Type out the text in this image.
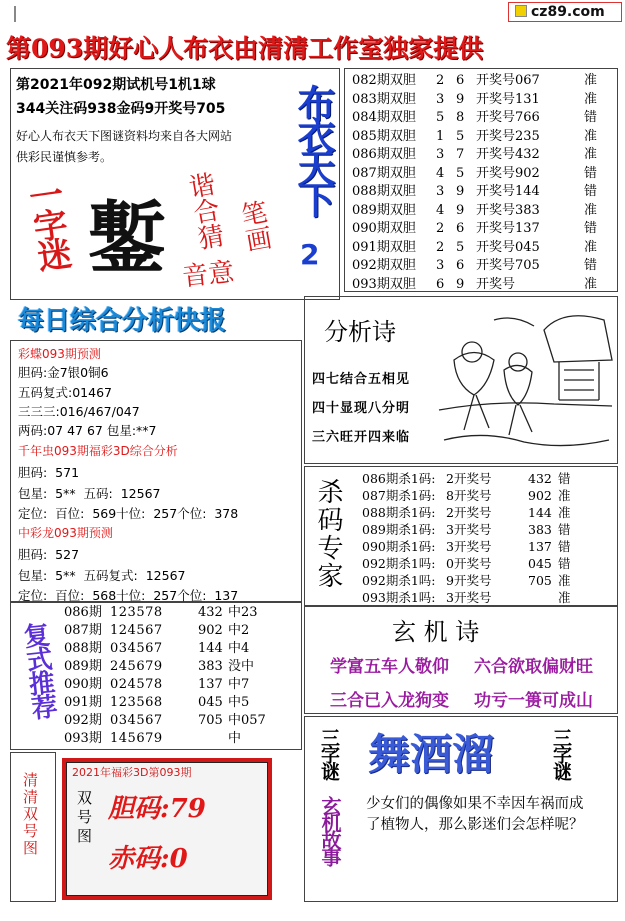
cz89.com
第093期好心人布衣由清清工作室独家提供
第2021年092期试机号1机1球
344关注码938金码9开奖号705
好心人布衣天下图谜资料均来自各大网站
供彩民谨慎参考。
一字迷 鏨 谐合猜 笔画
音意
布衣天下
2
082期双胆 2 6 开奖号067	准
083期双胆 3 9 开奖号131	准
084期双胆 5 8 开奖号766	错
085期双胆 1 5 开奖号235	准
086期双胆 3 7 开奖号432	准
087期双胆 4 5 开奖号902	错
088期双胆 3 9 开奖号144	错
089期双胆 4 9 开奖号383	准
090期双胆 2 6 开奖号137	错
091期双胆 2 5 开奖号045	准
092期双胆 3 6 开奖号705	错
093期双胆 6 9 开奖号	准
每日综合分析快报
彩蝶093期预测
胆码:金7银0铜6
五码复式:01467
三三三:016/467/047
两码:07 47 67 包星:**7
千年虫093期福彩3D综合分析
胆码:  571
包星:  5**  五码:  12567
定位:  百位:  569十位:  257个位:  378
中彩龙093期预测
胆码:  527
包星:  5**  五码复式:  12567
定位:  百位:  568十位:  257个位:  137
分析诗
四七结合五相见
四十显现八分明
三六旺开四来临
杀码专家	086期杀1码: 2开奖号	432 错
087期杀1码: 8开奖号	902 准
088期杀1码: 2开奖号	144 准
089期杀1码: 3开奖号	383 错
090期杀1码: 3开奖号	137 错
092期杀1吗: 0开奖号	045 错
092期杀1吗: 9开奖号	705 准
093期杀1吗: 3开奖号	准
复式推荐
086期 123578	432 中23
087期 124567	902 中2
088期 034567	144 中4
089期 245679	383 没中
090期 024578	137 中7
091期 123568	045 中5
092期 034567	705 中057
093期 145679	中
玄 机 诗
学富五车人敬仰 六合欲取偏财旺
三合已入龙狗变 功亏一篑可成山
清清双号图	2021年福彩3D第093期
双号图 胆码:79
赤码:0
三字谜	三字谜
舞酒溜
玄机故事 少女们的偶像如果不幸因车祸而成了植物人，那么影迷们会怎样呢？
